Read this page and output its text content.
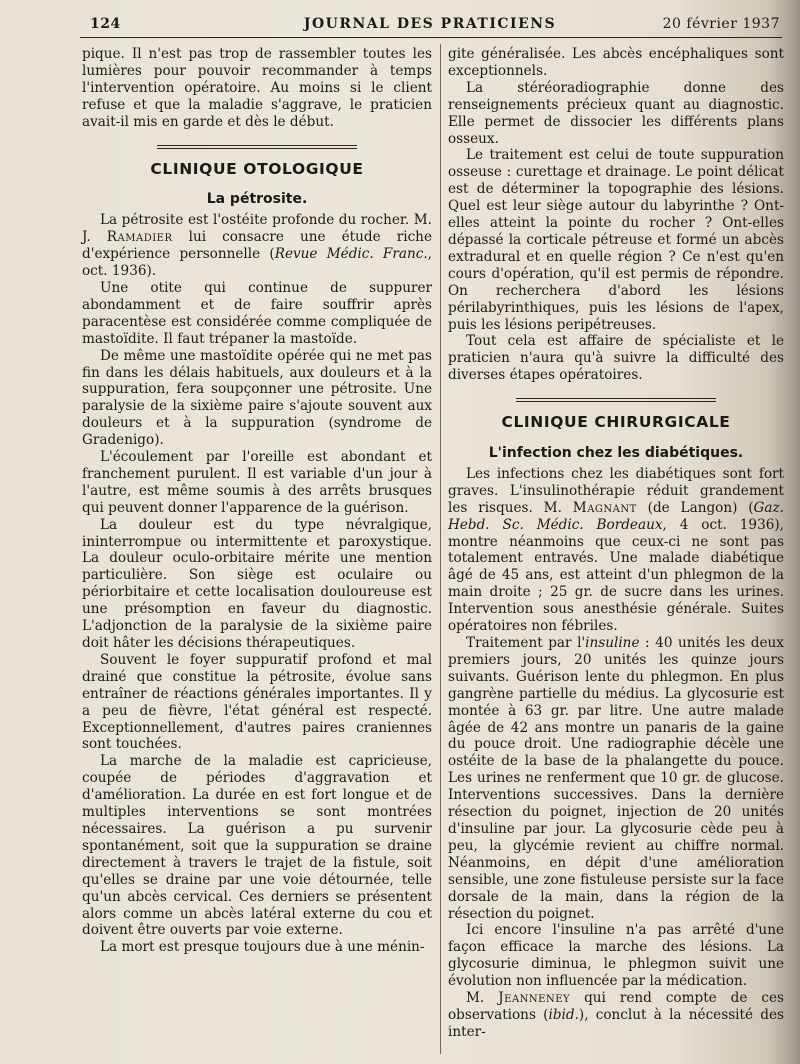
124	JOURNAL DES PRATICIENS	20 février 1937

pique. Il n'est pas trop de rassembler toutes les lumières pour pouvoir recommander à temps l'intervention opératoire. Au moins si le client refuse et que la maladie s'aggrave, le praticien avait-il mis en garde et dès le début.

CLINIQUE OTOLOGIQUE
La pétrosite.

La pétrosite est l'ostéite profonde du rocher. M. J. Ramadier lui consacre une étude riche d'expérience personnelle (Revue Médic. Franc., oct. 1936).

Une otite qui continue de suppurer abondamment et de faire souffrir après paracentèse est considérée comme compliquée de mastoïdite. Il faut trépaner la mastoïde.

De même une mastoïdite opérée qui ne met pas fin dans les délais habituels, aux douleurs et à la suppuration, fera soupçonner une pétrosite. Une paralysie de la sixième paire s'ajoute souvent aux douleurs et à la suppuration (syndrome de Gradenigo).

L'écoulement par l'oreille est abondant et franchement purulent. Il est variable d'un jour à l'autre, est même soumis à des arrêts brusques qui peuvent donner l'apparence de la guérison.

La douleur est du type névralgique, ininterrompue ou intermittente et paroxystique. La douleur oculo-orbitaire mérite une mention particulière. Son siège est oculaire ou périorbitaire et cette localisation douloureuse est une présomption en faveur du diagnostic. L'adjonction de la paralysie de la sixième paire doit hâter les décisions thérapeutiques.

Souvent le foyer suppuratif profond et mal drainé que constitue la pétrosite, évolue sans entraîner de réactions générales importantes. Il y a peu de fièvre, l'état général est respecté. Exceptionnellement, d'autres paires craniennes sont touchées.

La marche de la maladie est capricieuse, coupée de périodes d'aggravation et d'amélioration. La durée en est fort longue et de multiples interventions se sont montrées nécessaires. La guérison a pu survenir spontanément, soit que la suppuration se draine directement à travers le trajet de la fistule, soit qu'elles se draine par une voie détournée, telle qu'un abcès cervical. Ces derniers se présentent alors comme un abcès latéral externe du cou et doivent être ouverts par voie externe.

La mort est presque toujours due à une ménin-

gite généralisée. Les abcès encéphaliques sont exceptionnels.

La stéréoradiographie donne des renseignements précieux quant au diagnostic. Elle permet de dissocier les différents plans osseux.

Le traitement est celui de toute suppuration osseuse : curettage et drainage. Le point délicat est de déterminer la topographie des lésions. Quel est leur siège autour du labyrinthe ? Ont-elles atteint la pointe du rocher ? Ont-elles dépassé la corticale pétreuse et formé un abcès extradural et en quelle région ? Ce n'est qu'en cours d'opération, qu'il est permis de répondre. On recherchera d'abord les lésions périlabyrinthiques, puis les lésions de l'apex, puis les lésions peripétreuses.

Tout cela est affaire de spécialiste et le praticien n'aura qu'à suivre la difficulté des diverses étapes opératoires.

CLINIQUE CHIRURGICALE
L'infection chez les diabétiques.

Les infections chez les diabétiques sont fort graves. L'insulinothérapie réduit grandement les risques. M. Magnant (de Langon) (Gaz. Hebd. Sc. Médic. Bordeaux, 4 oct. 1936), montre néanmoins que ceux-ci ne sont pas totalement entravés. Une malade diabétique âgé de 45 ans, est atteint d'un phlegmon de la main droite ; 25 gr. de sucre dans les urines. Intervention sous anesthésie générale. Suites opératoires non fébriles.

Traitement par l'insuline : 40 unités les deux premiers jours, 20 unités les quinze jours suivants. Guérison lente du phlegmon. En plus gangrène partielle du médius. La glycosurie est montée à 63 gr. par litre. Une autre malade âgée de 42 ans montre un panaris de la gaine du pouce droit. Une radiographie décèle une ostéite de la base de la phalangette du pouce. Les urines ne renferment que 10 gr. de glucose. Interventions successives. Dans la dernière résection du poignet, injection de 20 unités d'insuline par jour. La glycosurie cède peu à peu, la glycémie revient au chiffre normal. Néanmoins, en dépit d'une amélioration sensible, une zone fistuleuse persiste sur la face dorsale de la main, dans la région de la résection du poignet.

Ici encore l'insuline n'a pas arrêté d'une façon efficace la marche des lésions. La glycosurie diminua, le phlegmon suivit une évolution non influencée par la médication.

M. Jeanneney qui rend compte de ces observations (ibid.), conclut à la nécessité des inter-
